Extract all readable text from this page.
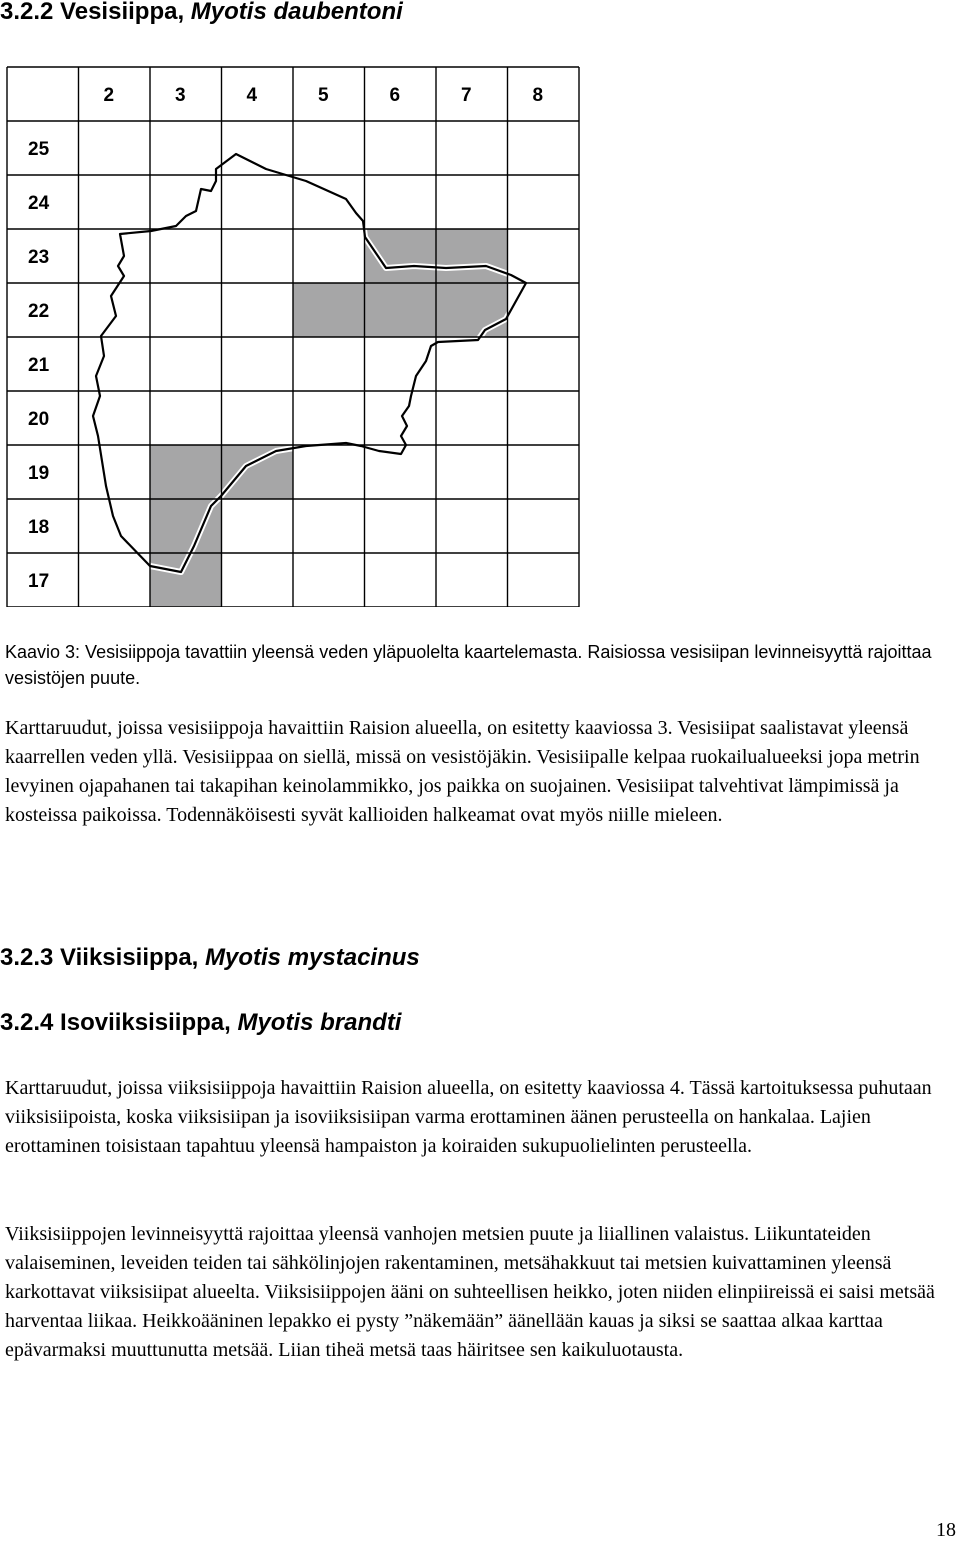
3.2.2 Vesisiippa, Myotis daubentoni
2	3	4	5	6	7	8
25
24
23
22
21
20
19
18
17

Kaavio 3: Vesisiippoja tavattiin yleensä veden yläpuolelta kaartelemasta. Raisiossa vesisiipan levinneisyyttä rajoittaa vesistöjen puute.

Karttaruudut, joissa vesisiippoja havaittiin Raision alueella, on esitetty kaaviossa 3. Vesisiipat saalistavat yleensä kaarrellen veden yllä. Vesisiippaa on siellä, missä on vesistöjäkin. Vesisiipalle kelpaa ruokailualueeksi jopa metrin levyinen ojapahanen tai takapihan keinolammikko, jos paikka on suojainen. Vesisiipat talvehtivat lämpimissä ja kosteissa paikoissa. Todennäköisesti syvät kallioiden halkeamat ovat myös niille mieleen.

3.2.3 Viiksisiippa, Myotis mystacinus
3.2.4 Isoviiksisiippa, Myotis brandti

Karttaruudut, joissa viiksisiippoja havaittiin Raision alueella, on esitetty kaaviossa 4. Tässä kartoituksessa puhutaan viiksisiipoista, koska viiksisiipan ja isoviiksisiipan varma erottaminen äänen perusteella on hankalaa. Lajien erottaminen toisistaan tapahtuu yleensä hampaiston ja koiraiden sukupuolielinten perusteella.

Viiksisiippojen levinneisyyttä rajoittaa yleensä vanhojen metsien puute ja liiallinen valaistus. Liikuntateiden valaiseminen, leveiden teiden tai sähkölinjojen rakentaminen, metsähakkuut tai metsien kuivattaminen yleensä karkottavat viiksisiipat alueelta. Viiksisiippojen ääni on suhteellisen heikko, joten niiden elinpiireissä ei saisi metsää harventaa liikaa. Heikkoääninen lepakko ei pysty ”näkemään” äänellään kauas ja siksi se saattaa alkaa karttaa epävarmaksi muuttunutta metsää. Liian tiheä metsä taas häiritsee sen kaikuluotausta.

18
